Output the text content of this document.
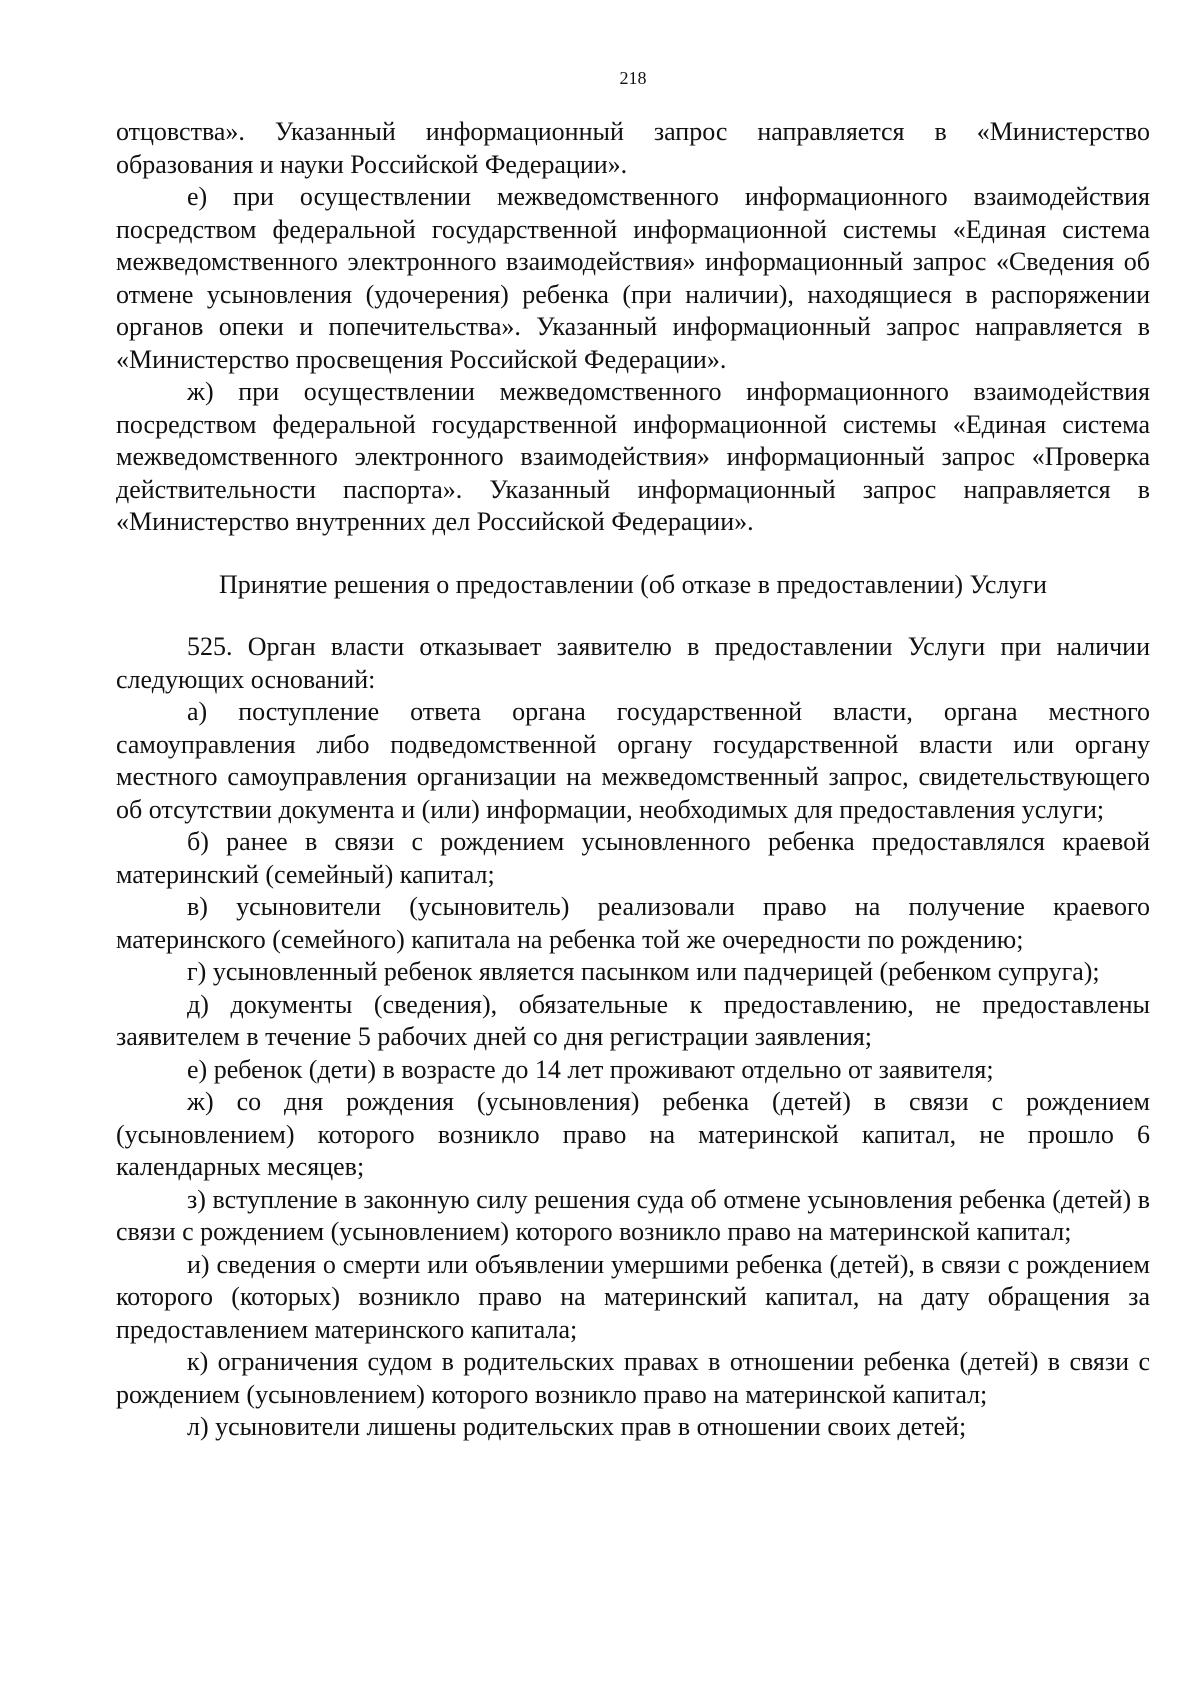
218

отцовства». Указанный информационный запрос направляется в «Министерство образования и науки Российской Федерации».

е) при осуществлении межведомственного информационного взаимодействия посредством федеральной государственной информационной системы «Единая система межведомственного электронного взаимодействия» информационный запрос «Сведения об отмене усыновления (удочерения) ребенка (при наличии), находящиеся в распоряжении органов опеки и попечительства». Указанный информационный запрос направляется в «Министерство просвещения Российской Федерации».

ж) при осуществлении межведомственного информационного взаимодействия посредством федеральной государственной информационной системы «Единая система межведомственного электронного взаимодействия» информационный запрос «Проверка действительности паспорта». Указанный информационный запрос направляется в «Министерство внутренних дел Российской Федерации».

Принятие решения о предоставлении (об отказе в предоставлении) Услуги

525. Орган власти отказывает заявителю в предоставлении Услуги при наличии следующих оснований:

а) поступление ответа органа государственной власти, органа местного самоуправления либо подведомственной органу государственной власти или органу местного самоуправления организации на межведомственный запрос, свидетельствующего об отсутствии документа и (или) информации, необходимых для предоставления услуги;

б) ранее в связи с рождением усыновленного ребенка предоставлялся краевой материнский (семейный) капитал;

в) усыновители (усыновитель) реализовали право на получение краевого материнского (семейного) капитала на ребенка той же очередности по рождению;

г) усыновленный ребенок является пасынком или падчерицей (ребенком супруга);

д) документы (сведения), обязательные к предоставлению, не предоставлены заявителем в течение 5 рабочих дней со дня регистрации заявления;

е) ребенок (дети) в возрасте до 14 лет проживают отдельно от заявителя;

ж) со дня рождения (усыновления) ребенка (детей) в связи с рождением (усыновлением) которого возникло право на материнской капитал, не прошло 6 календарных месяцев;

з) вступление в законную силу решения суда об отмене усыновления ребенка (детей) в связи с рождением (усыновлением) которого возникло право на материнской капитал;

и) сведения о смерти или объявлении умершими ребенка (детей), в связи с рождением которого (которых) возникло право на материнский капитал, на дату обращения за предоставлением материнского капитала;

к) ограничения судом в родительских правах в отношении ребенка (детей) в связи с рождением (усыновлением) которого возникло право на материнской капитал;

л) усыновители лишены родительских прав в отношении своих детей;
